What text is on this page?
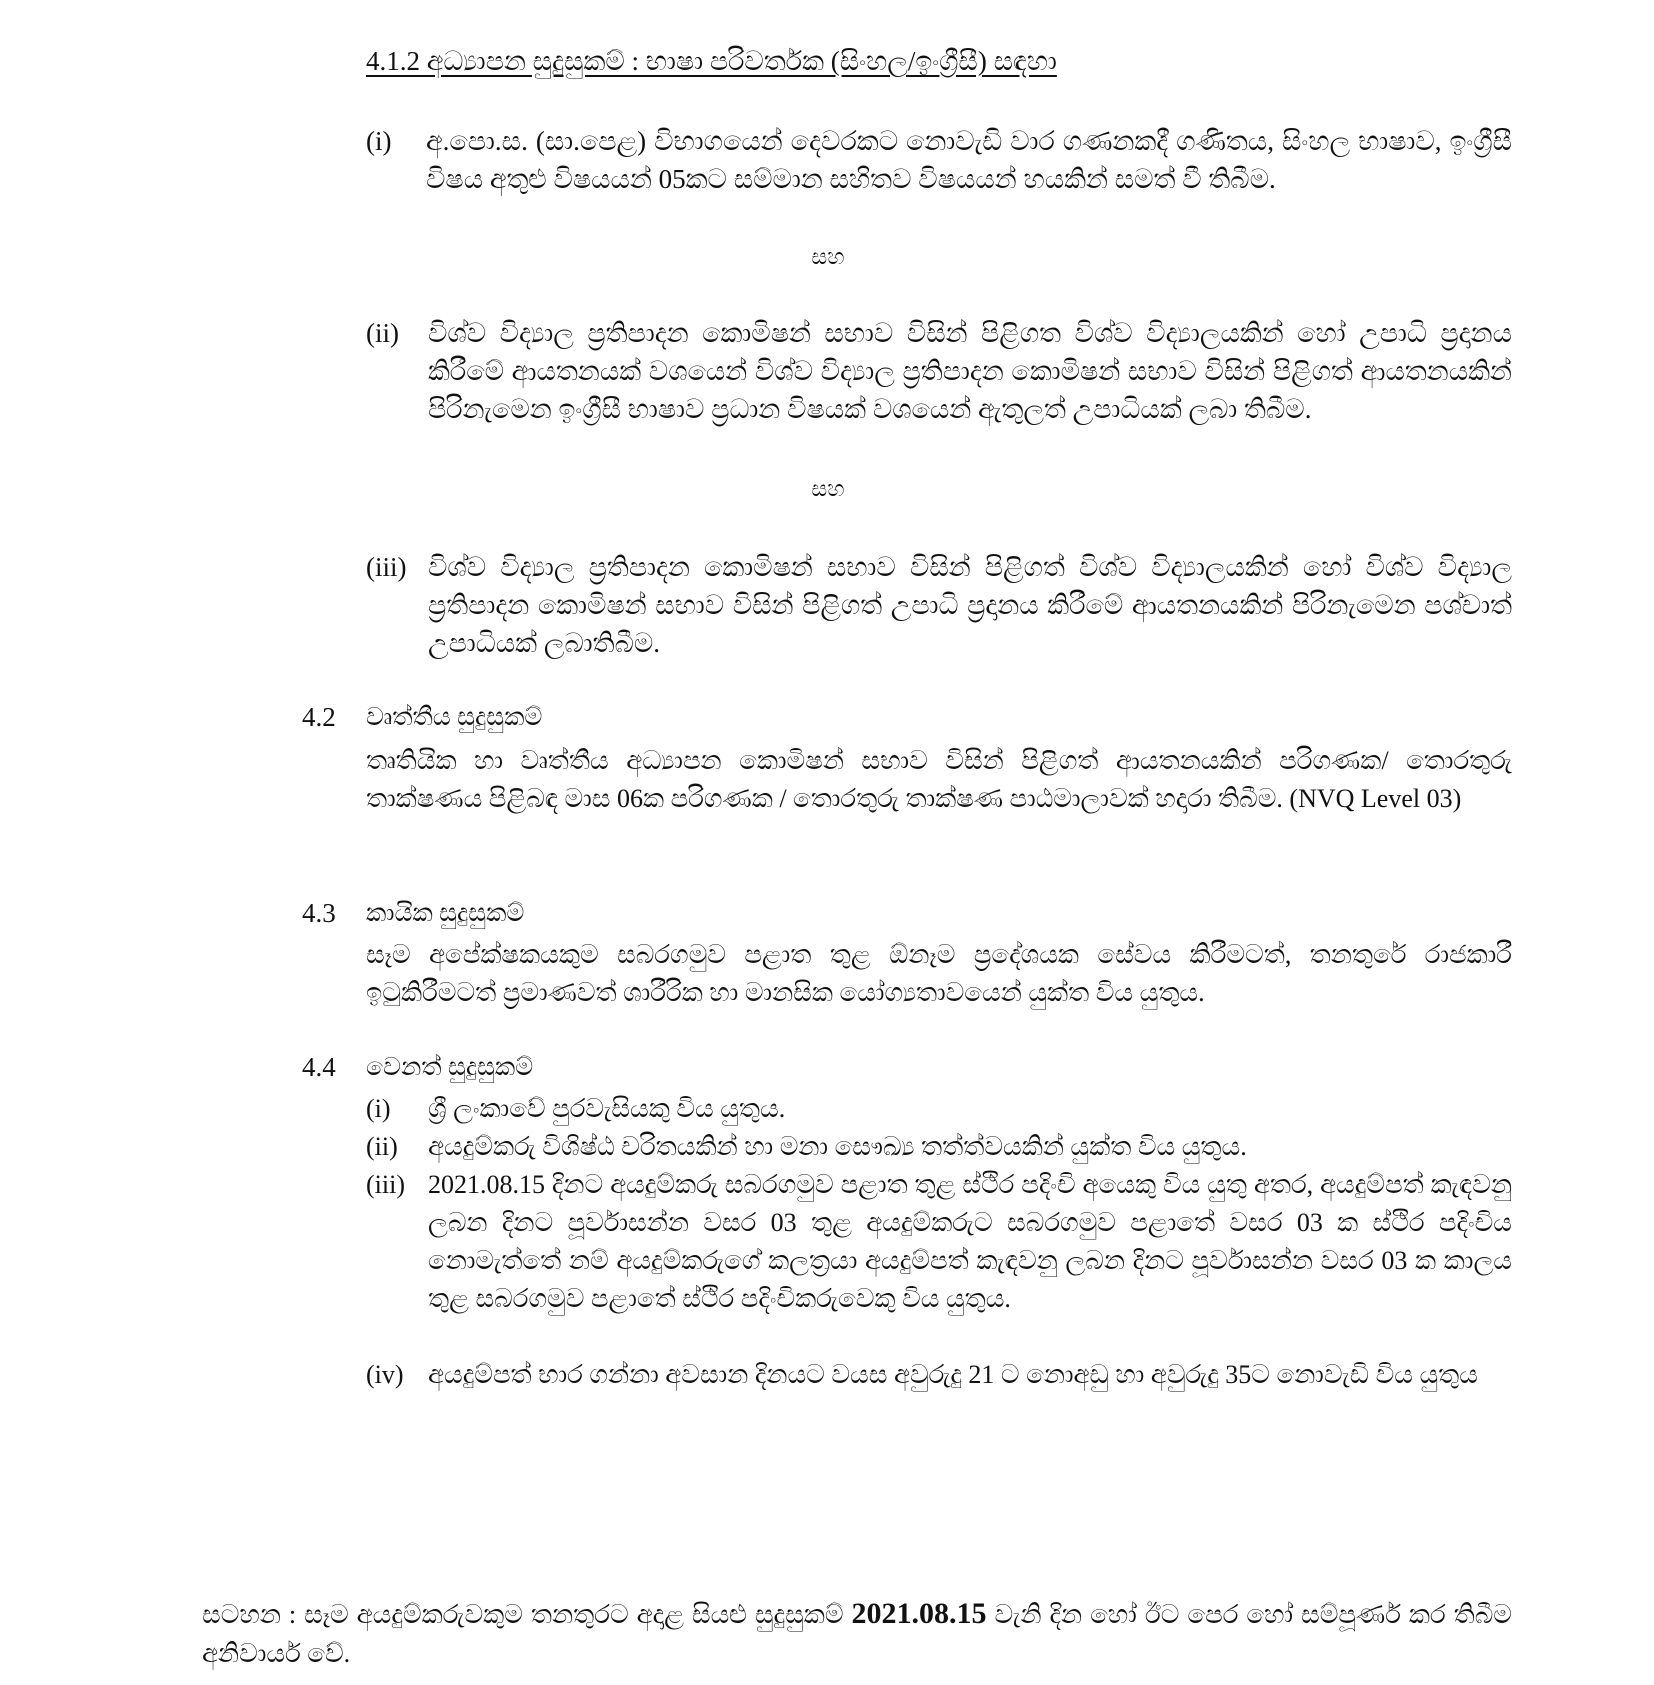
4.1.2 අධ්‍යාපන සුදුසුකම් : භාෂා පරිවර්තක (සිංහල/ඉංග්‍රීසී) සඳහා
(i)	අ.පො.ස. (සා.පෙළ) විභාගයෙන් දෙවරකට නොවැඩි වාර ගණනකදී ගණිතය, සිංහල භාෂාව, ඉංග්‍රීසී විෂය අතුළු විෂයයන් 05කට සම්මාන සහිතව විෂයයන් හයකින් සමත් වී තිබීම.
සහ
(ii)	විශ්ව විද්‍යාල ප්‍රතිපාදන කොමිෂන් සභාව විසින් පිළිගත විශ්ව විද්‍යාලයකින් හෝ උපාධි ප්‍රදානය කිරීමේ ආයතනයක් වශයෙන් විශ්ව විද්‍යාල ප්‍රතිපාදන කොමිෂන් සභාව විසින් පිළිගත් ආයතනයකින් පිරිනැමෙන ඉංග්‍රීසී භාෂාව ප්‍රධාන විෂයක් වශයෙන් ඇතුලත් උපාධියක් ලබා තිබීම.
සහ
(iii) විශ්ව විද්‍යාල ප්‍රතිපාදන කොමිෂන් සභාව විසින් පිළිගත් විශ්ව විද්‍යාලයකින් හෝ විශ්ව විද්‍යාල ප්‍රතිපාදන කොමිෂන් සභාව විසින් පිළිගත් උපාධි ප්‍රදානය කිරීමේ ආයතනයකින් පිරිනැමෙන පශ්චාත් උපාධියක් ලබාතිබීම.
4.2 වෘත්තීය සුදුසුකම්
තෘතියික හා වෘත්තීය අධ්‍යාපන කොමිෂන් සභාව විසින් පිළිගත් ආයතනයකින් පරිගණක/ තොරතුරු තාක්ෂණය පිළිබඳ මාස 06ක පරිගණක / තොරතුරු තාක්ෂණ පාඨමාලාවක් හදාරා තිබීම. (NVQ Level 03)
4.3 කායික සුදුසුකම්
සෑම අපේක්ෂකයකුම සබරගමුව පළාත තුළ ඕනෑම ප්‍රදේශයක සේවය කිරීමටත්, තනතුරේ රාජකාරී ඉටුකිරීමටත් ප්‍රමාණවත් ශාරීරික හා මානසික යෝග්‍යතාවයෙන් යුක්ත විය යුතුය.
4.4 වෙනත් සුදුසුකම්
(i)	ශ්‍රී ලංකාවේ පුරවැසියකු විය යුතුය.
(ii)	අයදුම්කරු විශිෂ්ඨ චරිතයකින් හා මනා සෞඛ්‍ය තත්ත්වයකින් යුක්ත විය යුතුය.
(iii) 2021.08.15 දිනට අයදුම්කරු සබරගමුව පළාත තුළ ස්ථිර පදිංචි අයෙකු විය යුතු අතර, අයදුම්පත් කැඳවනු ලබන දිනට පූර්වාසන්න වසර 03 තුළ අයදුම්කරුට සබරගමුව පළාතේ වසර 03 ක ස්ථිර පදිංචිය නොමැත්තේ නම් අයදුම්කරුගේ කලත්‍රයා අයදුම්පත් කැඳවනු ලබන දිනට පූර්වාසන්න වසර 03 ක කාලය තුළ සබරගමුව පළාතේ ස්ථිර පදිංචිකරුවෙකු විය යුතුය.
(iv) අයදුම්පත් භාර ගන්නා අවසාන දිනයට වයස අවුරුදු 21 ට නොඅඩු හා අවුරුදු 35ට නොවැඩි විය යුතුය
සටහන : සෑම අයදුම්කරුවකුම තනතුරට අදාළ සියළු සුදුසුකම් 2021.08.15 වැනි දින හෝ ඊට පෙර හෝ සම්පූර්ණ කර තිබීම අනිවාර්ය වේ.
